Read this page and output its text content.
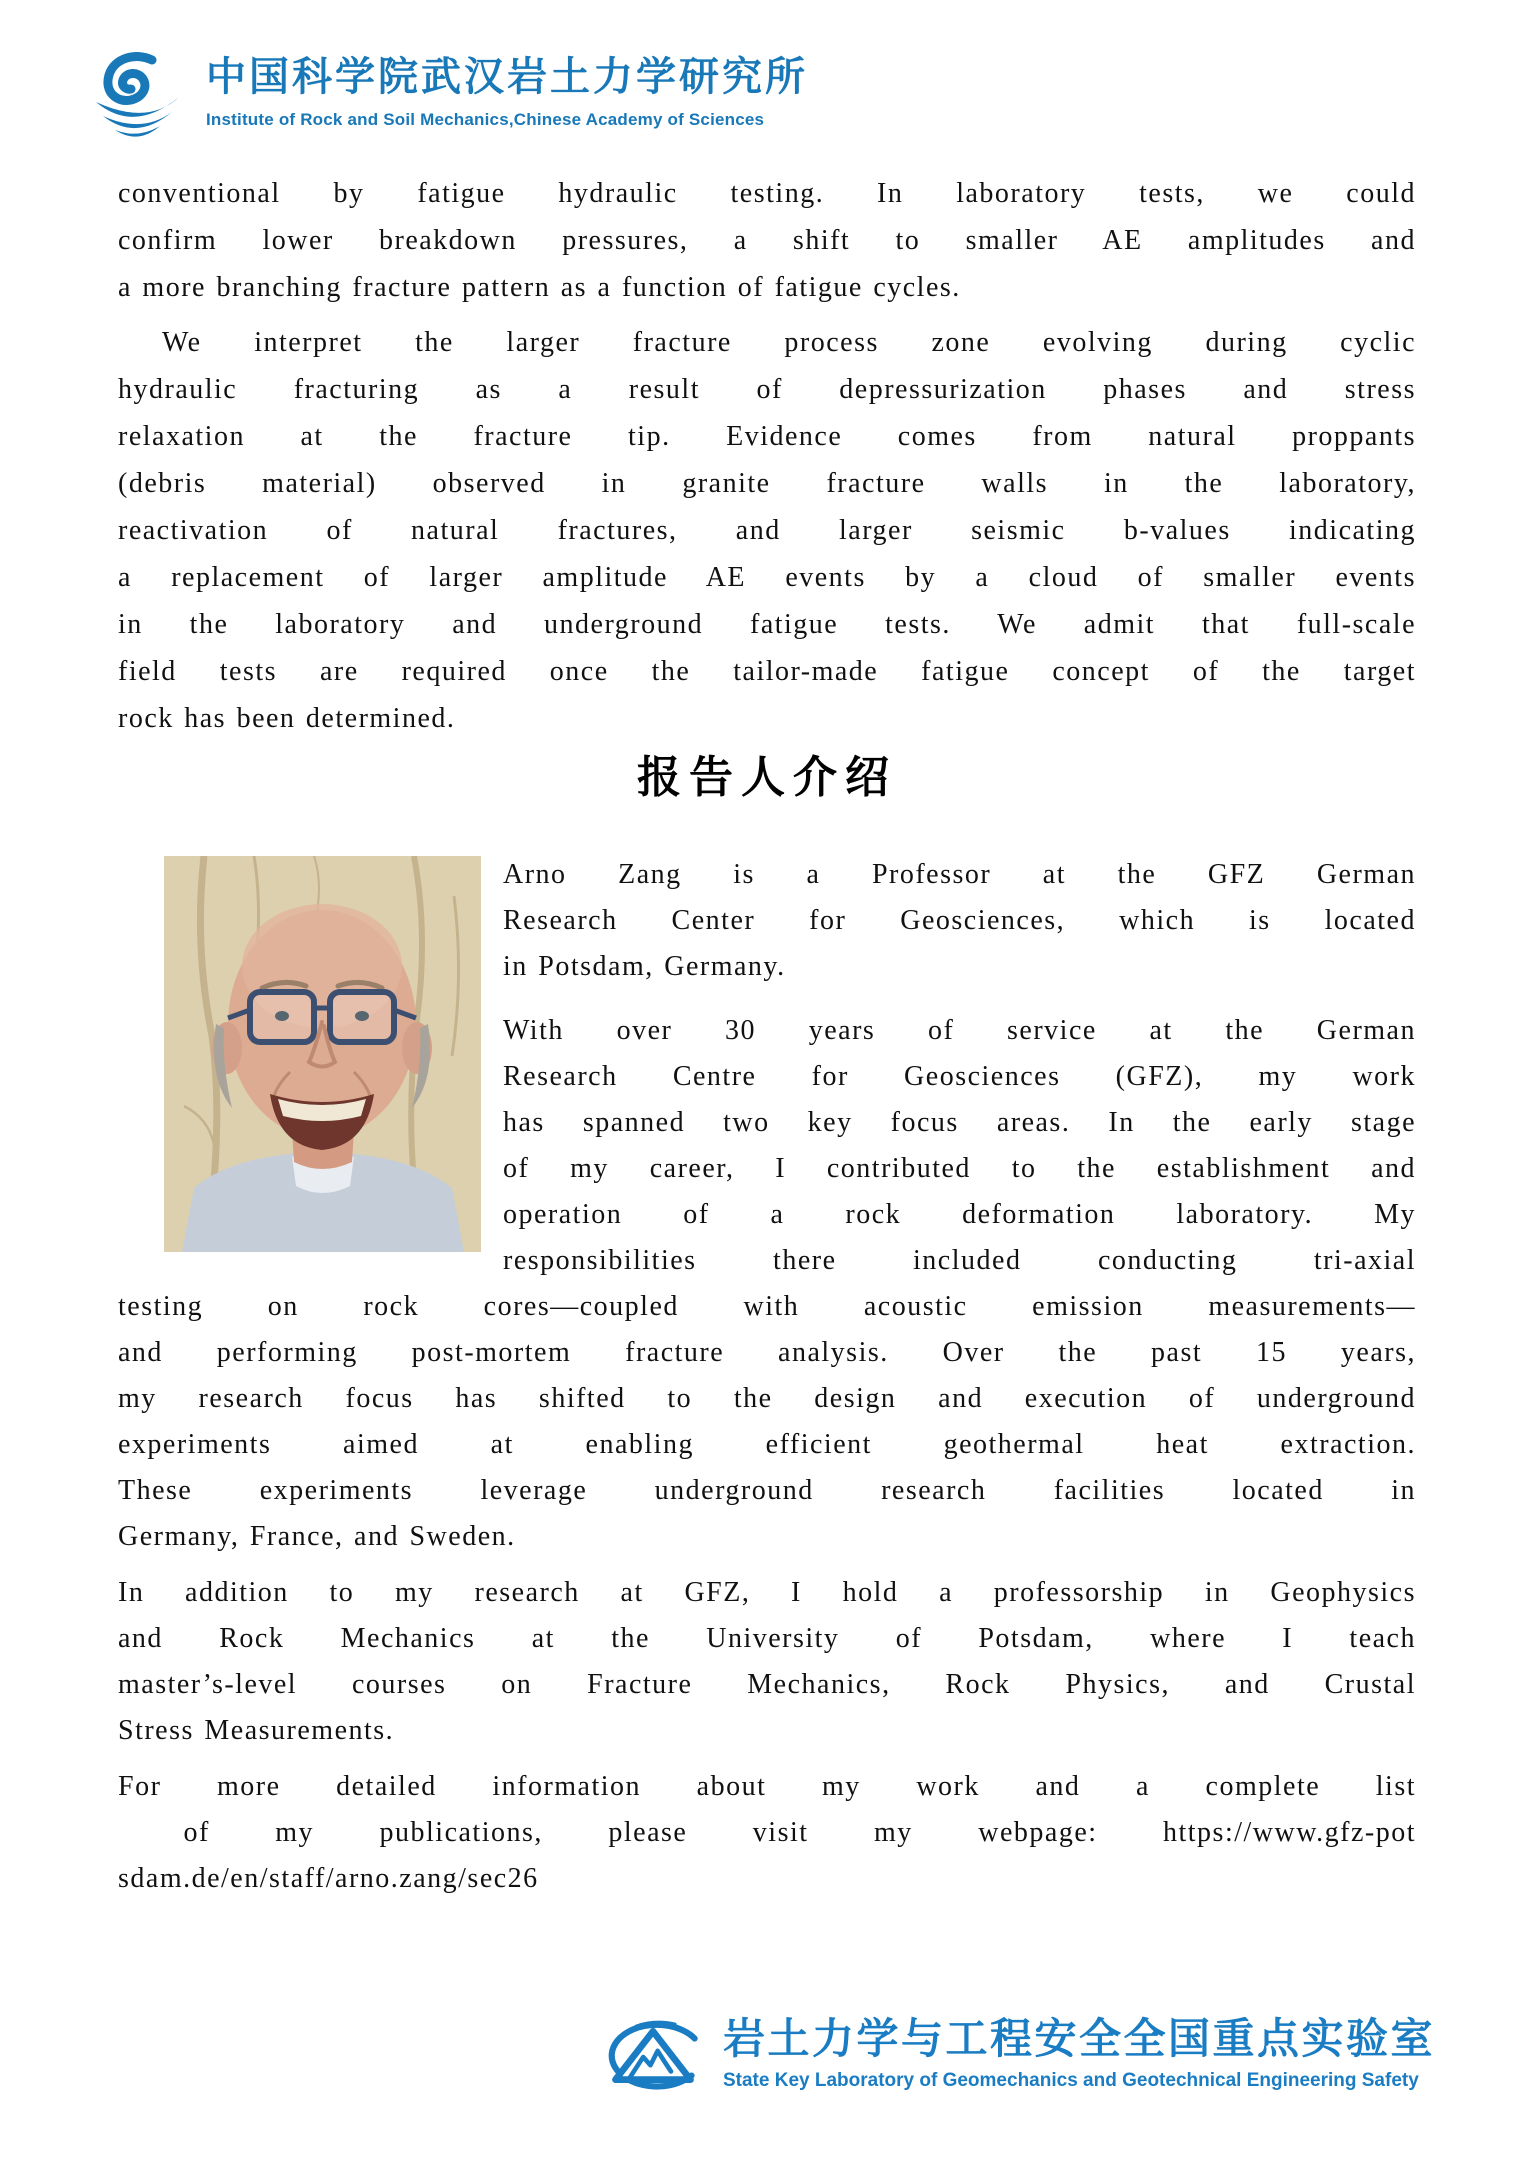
中国科学院武汉岩土力学研究所
Institute of Rock and Soil Mechanics,Chinese Academy of Sciences
conventional by fatigue hydraulic testing. In laboratory tests, we could
confirm lower breakdown pressures, a shift to smaller AE amplitudes and
a more branching fracture pattern as a function of fatigue cycles.
We interpret the larger fracture process zone evolving during cyclic
hydraulic fracturing as a result of depressurization phases and stress
relaxation at the fracture tip. Evidence comes from natural proppants
(debris material) observed in granite fracture walls in the laboratory,
reactivation of natural fractures, and larger seismic b-values indicating
a replacement of larger amplitude AE events by a cloud of smaller events
in the laboratory and underground fatigue tests. We admit that full-scale
field tests are required once the tailor-made fatigue concept of the target
rock has been determined.
报告人介绍
Arno Zang is a Professor at the GFZ German
Research Center for Geosciences, which is located
in Potsdam, Germany.
With over 30 years of service at the German
Research Centre for Geosciences (GFZ), my work
has spanned two key focus areas. In the early stage
of my career, I contributed to the establishment and
operation of a rock deformation laboratory. My
responsibilities there included conducting tri-axial
testing on rock cores—coupled with acoustic emission measurements—
and performing post-mortem fracture analysis. Over the past 15 years,
my research focus has shifted to the design and execution of underground
experiments aimed at enabling efficient geothermal heat extraction.
These experiments leverage underground research facilities located in
Germany, France, and Sweden.
In addition to my research at GFZ, I hold a professorship in Geophysics
and Rock Mechanics at the University of Potsdam, where I teach
master’s-level courses on Fracture Mechanics, Rock Physics, and Crustal
Stress Measurements.
For more detailed information about my work and a complete list
of my publications, please visit my webpage: https://www.gfz-pot
sdam.de/en/staff/arno.zang/sec26
岩土力学与工程安全全国重点实验室
State Key Laboratory of Geomechanics and Geotechnical Engineering Safety
